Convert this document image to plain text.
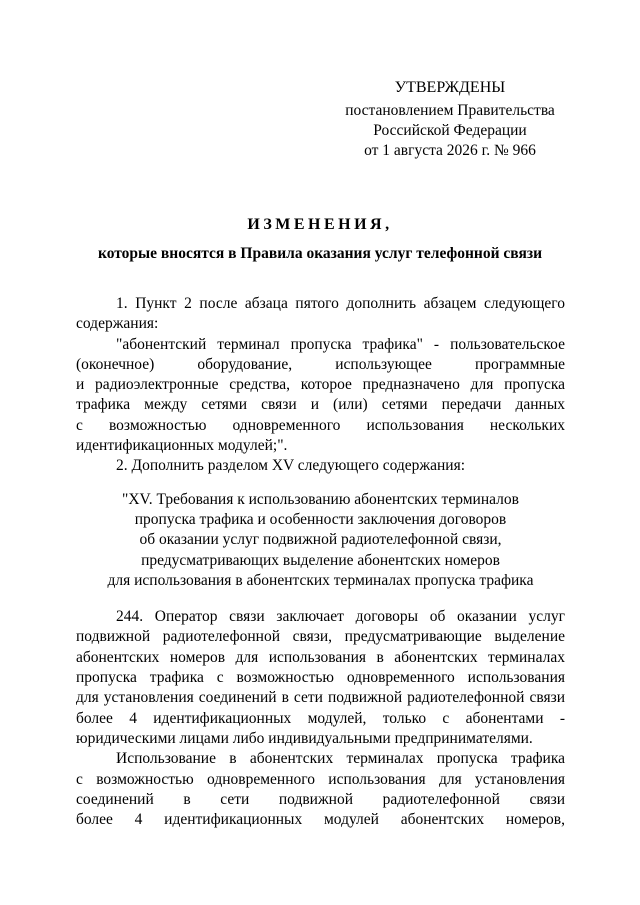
УТВЕРЖДЕНЫ
постановлением Правительства
Российской Федерации
от 1 августа 2026 г. № 966
ИЗМЕНЕНИЯ,
которые вносятся в Правила оказания услуг телефонной связи
1. Пункт 2 после абзаца пятого дополнить абзацем следующего
содержания:
"абонентский терминал пропуска трафика" - пользовательское
(оконечное) оборудование, использующее программные
и радиоэлектронные средства, которое предназначено для пропуска
трафика между сетями связи и (или) сетями передачи данных
с возможностью одновременного использования нескольких
идентификационных модулей;".
2. Дополнить разделом XV следующего содержания:
"XV. Требования к использованию абонентских терминалов
пропуска трафика и особенности заключения договоров
об оказании услуг подвижной радиотелефонной связи,
предусматривающих выделение абонентских номеров
для использования в абонентских терминалах пропуска трафика
244. Оператор связи заключает договоры об оказании услуг
подвижной радиотелефонной связи, предусматривающие выделение
абонентских номеров для использования в абонентских терминалах
пропуска трафика с возможностью одновременного использования
для установления соединений в сети подвижной радиотелефонной связи
более 4 идентификационных модулей, только с абонентами -
юридическими лицами либо индивидуальными предпринимателями.
Использование в абонентских терминалах пропуска трафика
с возможностью одновременного использования для установления
соединений в сети подвижной радиотелефонной связи
более 4 идентификационных модулей абонентских номеров,
